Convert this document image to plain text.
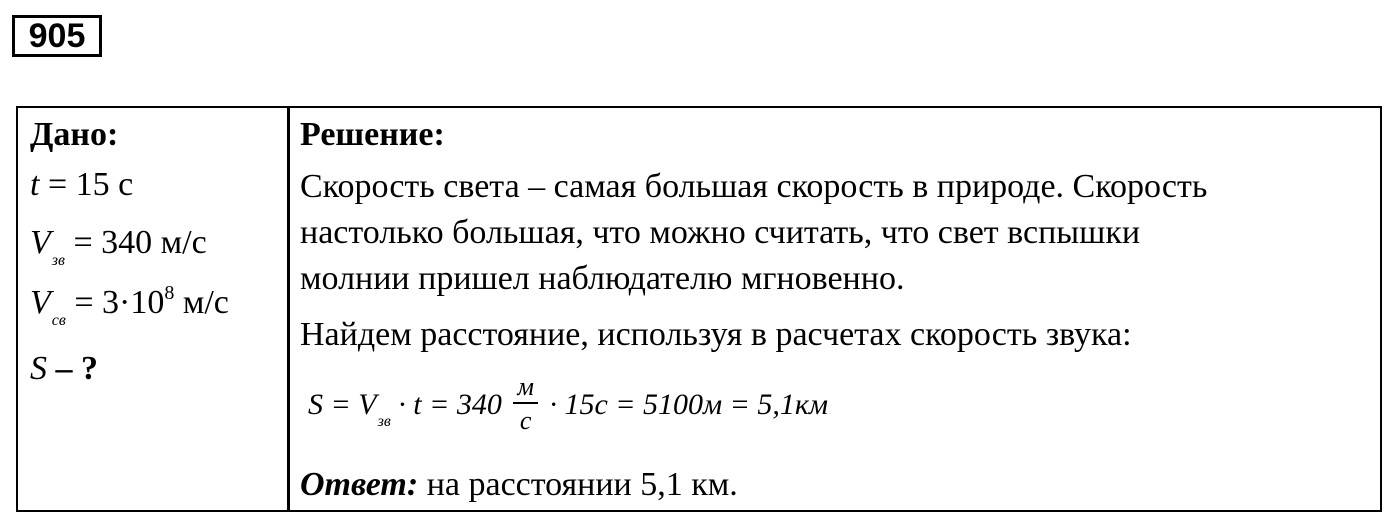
905
Дано:
t = 15 с
$V_{зв} = 340$ м/с
$V_{св} = 3\cdot 10^8$ м/с
S – ?
Решение:
Скорость света – самая большая скорость в природе. Скорость
настолько большая, что можно считать, что свет вспышки
молнии пришел наблюдателю мгновенно.
Найдем расстояние, используя в расчетах скорость звука:
$S = V_{зв} \cdot t = 340 \frac{м}{с} \cdot 15с = 5100м = 5,1км$
Ответ: на расстоянии 5,1 км.
